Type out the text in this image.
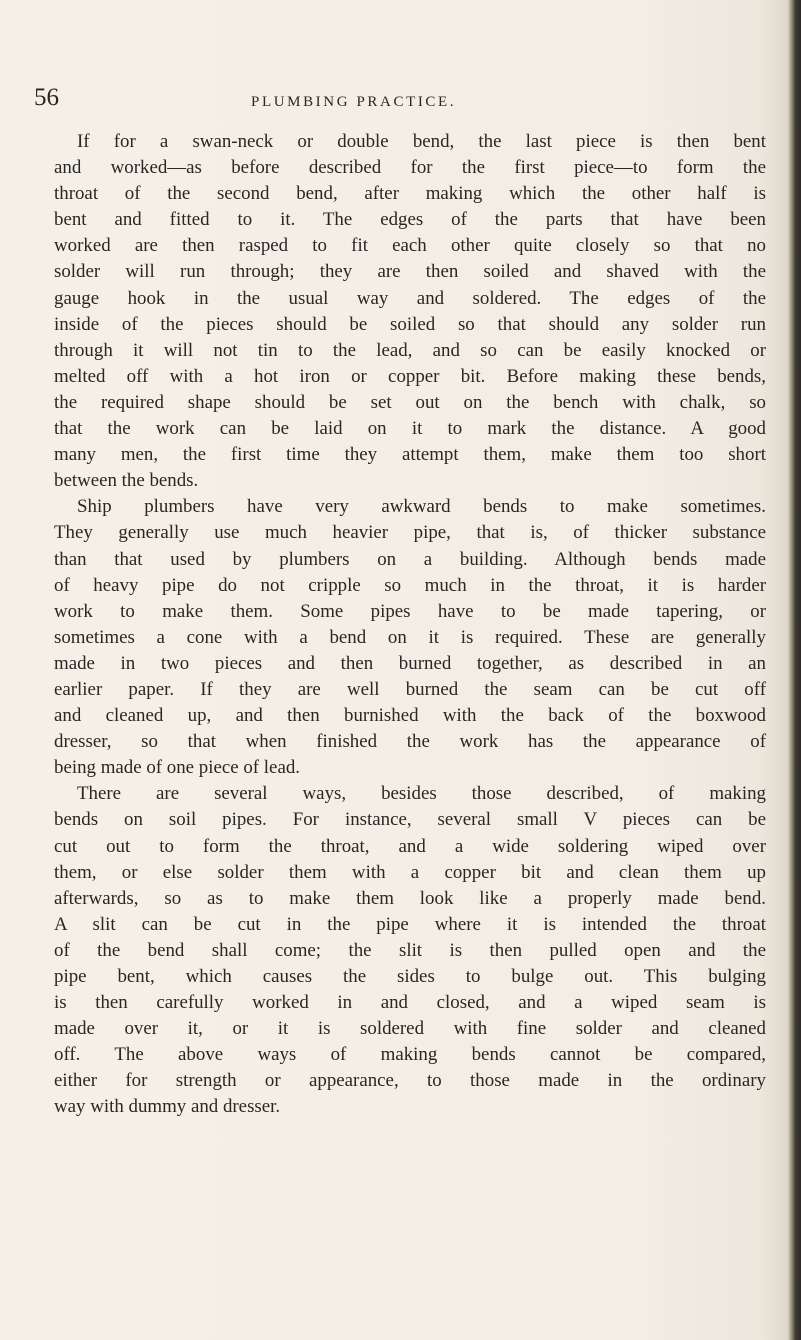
56	PLUMBING PRACTICE.
If for a swan-neck or double bend, the last piece is then bent
and worked—as before described for the first piece—to form the
throat of the second bend, after making which the other half is
bent and fitted to it. The edges of the parts that have been
worked are then rasped to fit each other quite closely so that no
solder will run through; they are then soiled and shaved with the
gauge hook in the usual way and soldered. The edges of the
inside of the pieces should be soiled so that should any solder run
through it will not tin to the lead, and so can be easily knocked or
melted off with a hot iron or copper bit. Before making these bends,
the required shape should be set out on the bench with chalk, so
that the work can be laid on it to mark the distance. A good
many men, the first time they attempt them, make them too short
between the bends.
Ship plumbers have very awkward bends to make sometimes.
They generally use much heavier pipe, that is, of thicker substance
than that used by plumbers on a building. Although bends made
of heavy pipe do not cripple so much in the throat, it is harder
work to make them. Some pipes have to be made tapering, or
sometimes a cone with a bend on it is required. These are generally
made in two pieces and then burned together, as described in an
earlier paper. If they are well burned the seam can be cut off
and cleaned up, and then burnished with the back of the boxwood
dresser, so that when finished the work has the appearance of
being made of one piece of lead.
There are several ways, besides those described, of making
bends on soil pipes. For instance, several small V pieces can be
cut out to form the throat, and a wide soldering wiped over
them, or else solder them with a copper bit and clean them up
afterwards, so as to make them look like a properly made bend.
A slit can be cut in the pipe where it is intended the throat
of the bend shall come; the slit is then pulled open and the
pipe bent, which causes the sides to bulge out. This bulging
is then carefully worked in and closed, and a wiped seam is
made over it, or it is soldered with fine solder and cleaned
off. The above ways of making bends cannot be compared,
either for strength or appearance, to those made in the ordinary
way with dummy and dresser.
